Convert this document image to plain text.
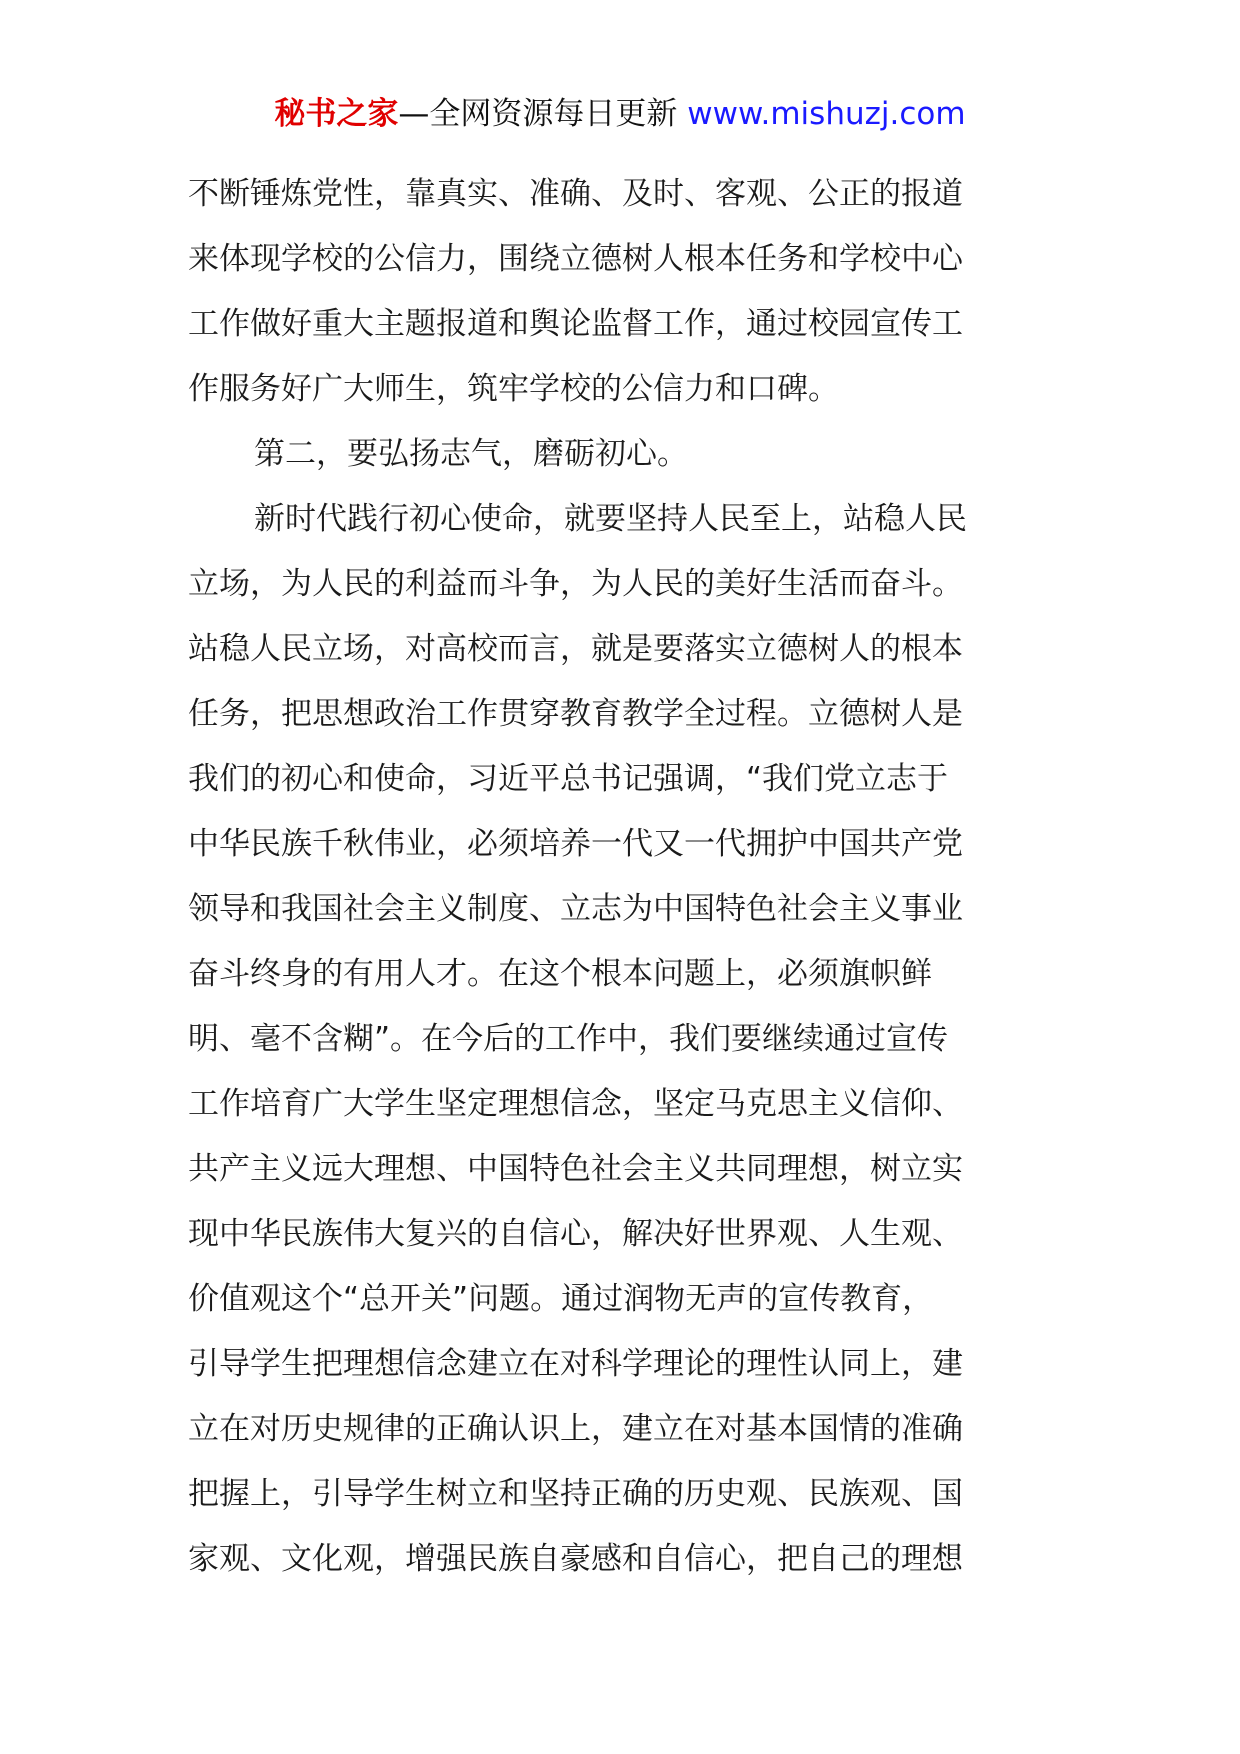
秘书之家—全网资源每日更新 www.mishuzj.com
不断锤炼党性，靠真实、准确、及时、客观、公正的报道
来体现学校的公信力，围绕立德树人根本任务和学校中心
工作做好重大主题报道和舆论监督工作，通过校园宣传工
作服务好广大师生，筑牢学校的公信力和口碑。
第二，要弘扬志气，磨砺初心。
新时代践行初心使命，就要坚持人民至上，站稳人民
立场，为人民的利益而斗争，为人民的美好生活而奋斗。
站稳人民立场，对高校而言，就是要落实立德树人的根本
任务，把思想政治工作贯穿教育教学全过程。立德树人是
我们的初心和使命，习近平总书记强调，“我们党立志于
中华民族千秋伟业，必须培养一代又一代拥护中国共产党
领导和我国社会主义制度、立志为中国特色社会主义事业
奋斗终身的有用人才。在这个根本问题上，必须旗帜鲜
明、毫不含糊”。在今后的工作中，我们要继续通过宣传
工作培育广大学生坚定理想信念，坚定马克思主义信仰、
共产主义远大理想、中国特色社会主义共同理想，树立实
现中华民族伟大复兴的自信心，解决好世界观、人生观、
价值观这个“总开关”问题。通过润物无声的宣传教育，
引导学生把理想信念建立在对科学理论的理性认同上，建
立在对历史规律的正确认识上，建立在对基本国情的准确
把握上，引导学生树立和坚持正确的历史观、民族观、国
家观、文化观，增强民族自豪感和自信心，把自己的理想
